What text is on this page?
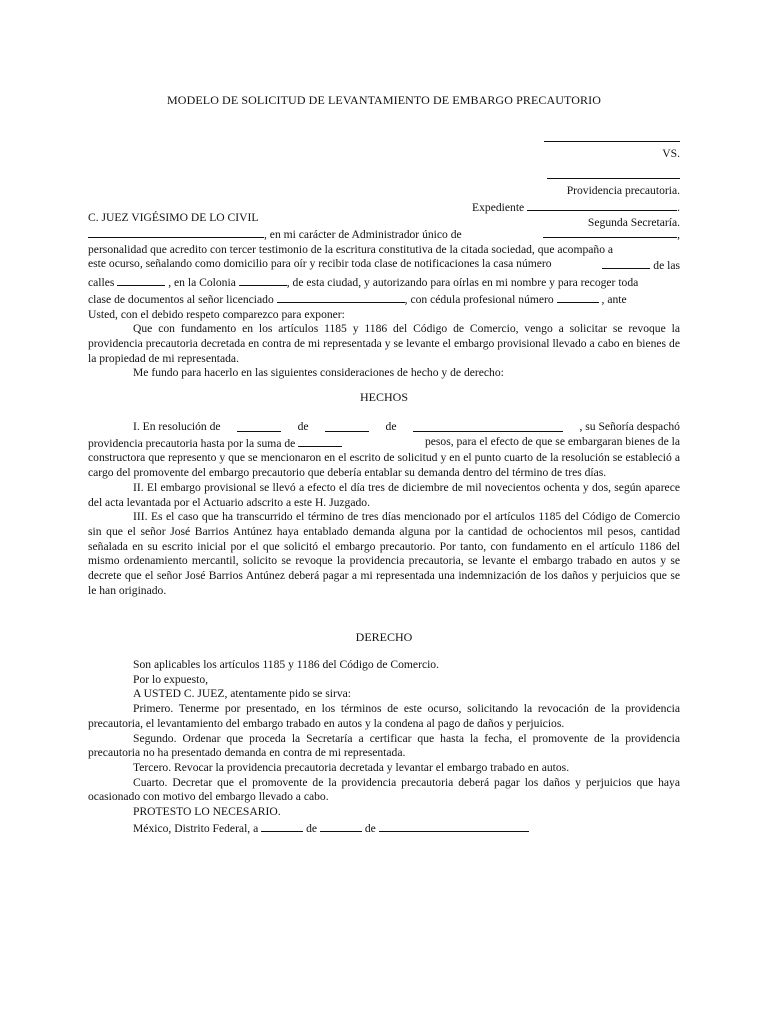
MODELO DE SOLICITUD DE LEVANTAMIENTO DE EMBARGO PRECAUTORIO
VS.
Providencia precautoria.
Expediente	.
Segunda Secretaría.
C. JUEZ VIGÉSIMO DE LO CIVIL

, en mi carácter de Administrador único de	,

personalidad que acredito con tercer testimonio de la escritura constitutiva de la citada sociedad, que acompaño a

este ocurso, señalando como domicilio para oír y recibir toda clase de notificaciones la casa número	de las

calles	, en la Colonia	, de esta ciudad, y autorizando para oírlas en mi nombre y para recoger toda

clase de documentos al señor licenciado	, con cédula profesional número	, ante

Usted, con el debido respeto comparezco para exponer:

Que con fundamento en los artículos 1185 y 1186 del Código de Comercio, vengo a solicitar se revoque la providencia precautoria decretada en contra de mi representada y se levante el embargo provisional llevado a cabo en bienes de la propiedad de mi representada.

Me fundo para hacerlo en las siguientes consideraciones de hecho y de derecho:

HECHOS

I. En resolución de	de	de	, su Señoría despachó

providencia precautoria hasta por la suma de	pesos, para el efecto de que se embargaran bienes de la

constructora que represento y que se mencionaron en el escrito de solicitud y en el punto cuarto de la resolución se estableció a cargo del promovente del embargo precautorio que debería entablar su demanda dentro del término de tres días.

II. El embargo provisional se llevó a efecto el día tres de diciembre de mil novecientos ochenta y dos, según aparece del acta levantada por el Actuario adscrito a este H. Juzgado.

III. Es el caso que ha transcurrido el término de tres días mencionado por el artículos 1185 del Código de Comercio sin que el señor José Barrios Antúnez haya entablado demanda alguna por la cantidad de ochocientos mil pesos, cantidad señalada en su escrito inicial por el que solicitó el embargo precautorio. Por tanto, con fundamento en el artículo 1186 del mismo ordenamiento mercantil, solicito se revoque la providencia precautoria, se levante el embargo trabado en autos y se decrete que el señor José Barrios Antúnez deberá pagar a mi representada una indemnización de los daños y perjuicios que se le han originado.

DERECHO

Son aplicables los artículos 1185 y 1186 del Código de Comercio.

Por lo expuesto,

A USTED C. JUEZ, atentamente pido se sirva:

Primero. Tenerme por presentado, en los términos de este ocurso, solicitando la revocación de la providencia precautoria, el levantamiento del embargo trabado en autos y la condena al pago de daños y perjuicios.

Segundo. Ordenar que proceda la Secretaría a certificar que hasta la fecha, el promovente de la providencia precautoria no ha presentado demanda en contra de mi representada.

Tercero. Revocar la providencia precautoria decretada y levantar el embargo trabado en autos.

Cuarto. Decretar que el promovente de la providencia precautoria deberá pagar los daños y perjuicios que haya ocasionado con motivo del embargo llevado a cabo.

PROTESTO LO NECESARIO.

México, Distrito Federal, a	de	de
